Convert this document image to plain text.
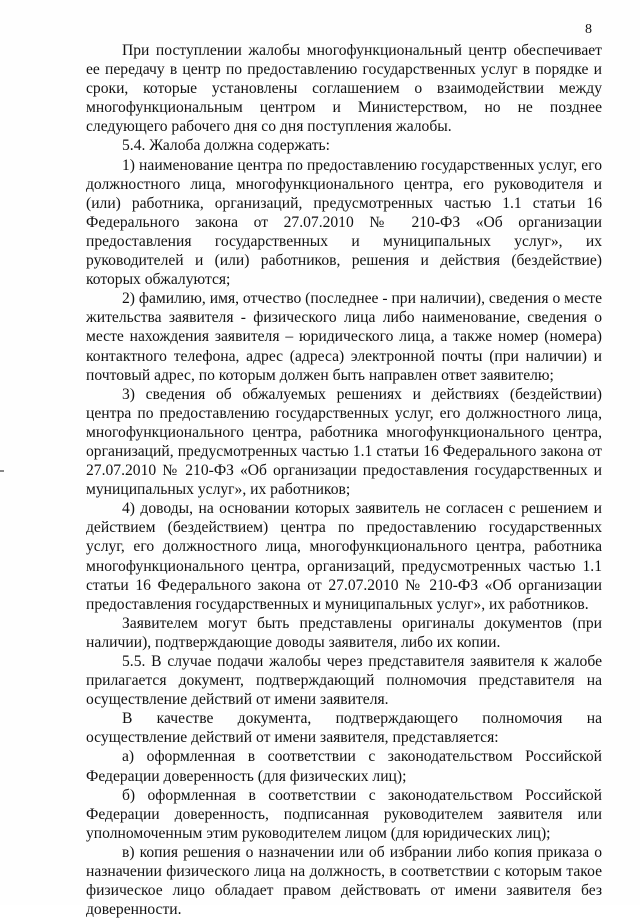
8

При поступлении жалобы многофункциональный центр обеспечивает ее передачу в центр по предоставлению государственных услуг в порядке и сроки, которые установлены соглашением о взаимодействии между многофункциональным центром и Министерством, но не позднее следующего рабочего дня со дня поступления жалобы.

5.4. Жалоба должна содержать:

1) наименование центра по предоставлению государственных услуг, его должностного лица, многофункционального центра, его руководителя и (или) работника, организаций, предусмотренных частью 1.1 статьи 16 Федерального закона от 27.07.2010 № 210-ФЗ «Об организации предоставления государственных и муниципальных услуг», их руководителей и (или) работников, решения и действия (бездействие) которых обжалуются;

2) фамилию, имя, отчество (последнее - при наличии), сведения о месте жительства заявителя - физического лица либо наименование, сведения о месте нахождения заявителя – юридического лица, а также номер (номера) контактного телефона, адрес (адреса) электронной почты (при наличии) и почтовый адрес, по которым должен быть направлен ответ заявителю;

3) сведения об обжалуемых решениях и действиях (бездействии) центра по предоставлению государственных услуг, его должностного лица, многофункционального центра, работника многофункционального центра, организаций, предусмотренных частью 1.1 статьи 16 Федерального закона от 27.07.2010 № 210-ФЗ «Об организации предоставления государственных и муниципальных услуг», их работников;

4) доводы, на основании которых заявитель не согласен с решением и действием (бездействием) центра по предоставлению государственных услуг, его должностного лица, многофункционального центра, работника многофункционального центра, организаций, предусмотренных частью 1.1 статьи 16 Федерального закона от 27.07.2010 № 210-ФЗ «Об организации предоставления государственных и муниципальных услуг», их работников.

Заявителем могут быть представлены оригиналы документов (при наличии), подтверждающие доводы заявителя, либо их копии.

5.5. В случае подачи жалобы через представителя заявителя к жалобе прилагается документ, подтверждающий полномочия представителя на осуществление действий от имени заявителя.

В качестве документа, подтверждающего полномочия на осуществление действий от имени заявителя, представляется:

а) оформленная в соответствии с законодательством Российской Федерации доверенность (для физических лиц);

б) оформленная в соответствии с законодательством Российской Федерации доверенность, подписанная руководителем заявителя или уполномоченным этим руководителем лицом (для юридических лиц);

в) копия решения о назначении или об избрании либо копия приказа о назначении физического лица на должность, в соответствии с которым такое физическое лицо обладает правом действовать от имени заявителя без доверенности.
